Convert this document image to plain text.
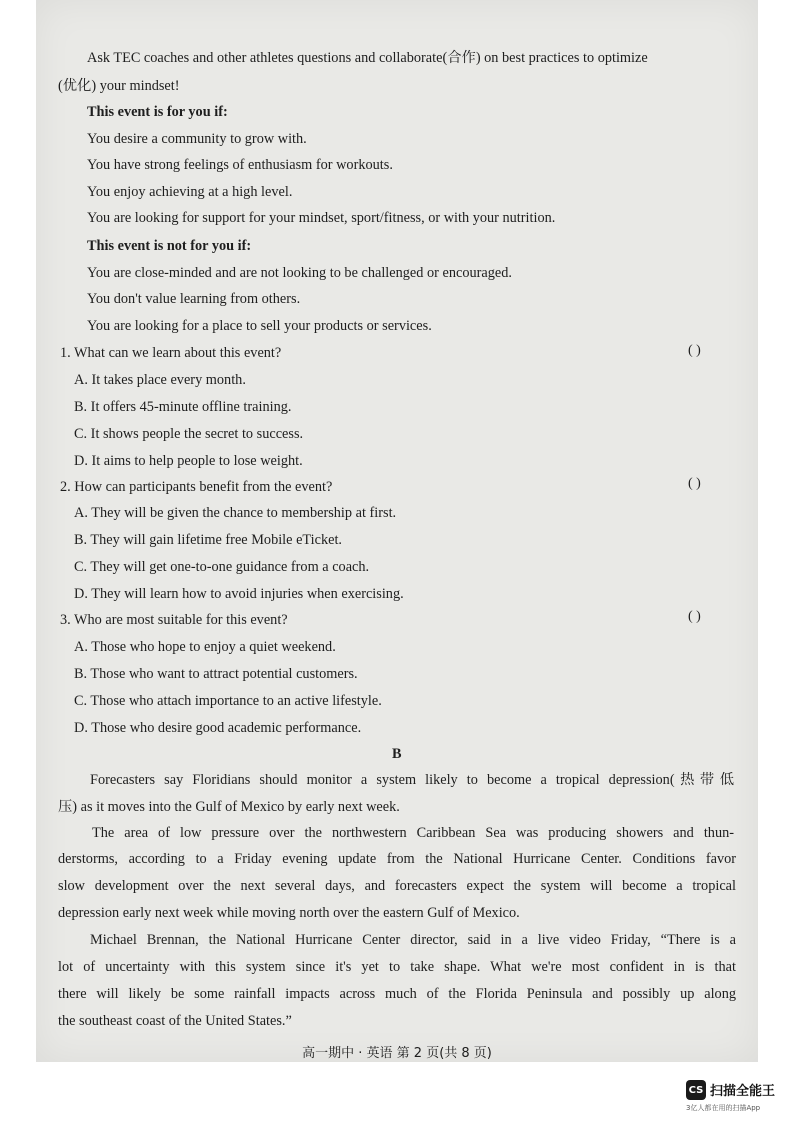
Ask TEC coaches and other athletes questions and collaborate(合作) on best practices to optimize
(优化) your mindset!
This event is for you if:
You desire a community to grow with.
You have strong feelings of enthusiasm for workouts.
You enjoy achieving at a high level.
You are looking for support for your mindset, sport/fitness, or with your nutrition.
This event is not for you if:
You are close-minded and are not looking to be challenged or encouraged.
You don't value learning from others.
You are looking for a place to sell your products or services.
1. What can we learn about this event?	( )
A. It takes place every month.
B. It offers 45-minute offline training.
C. It shows people the secret to success.
D. It aims to help people to lose weight.
2. How can participants benefit from the event?	( )
A. They will be given the chance to membership at first.
B. They will gain lifetime free Mobile eTicket.
C. They will get one-to-one guidance from a coach.
D. They will learn how to avoid injuries when exercising.
3. Who are most suitable for this event?	( )
A. Those who hope to enjoy a quiet weekend.
B. Those who want to attract potential customers.
C. Those who attach importance to an active lifestyle.
D. Those who desire good academic performance.
B
Forecasters say Floridians should monitor a system likely to become a tropical depression(热带低
压) as it moves into the Gulf of Mexico by early next week.
The area of low pressure over the northwestern Caribbean Sea was producing showers and thun-
derstorms, according to a Friday evening update from the National Hurricane Center. Conditions favor
slow development over the next several days, and forecasters expect the system will become a tropical
depression early next week while moving north over the eastern Gulf of Mexico.
Michael Brennan, the National Hurricane Center director, said in a live video Friday, “There is a
lot of uncertainty with this system since it's yet to take shape. What we're most confident in is that
there will likely be some rainfall impacts across much of the Florida Peninsula and possibly up along
the southeast coast of the United States.”
高一期中 · 英语 第 2 页(共 8 页)
CS 扫描全能王
3亿人都在用的扫描App
